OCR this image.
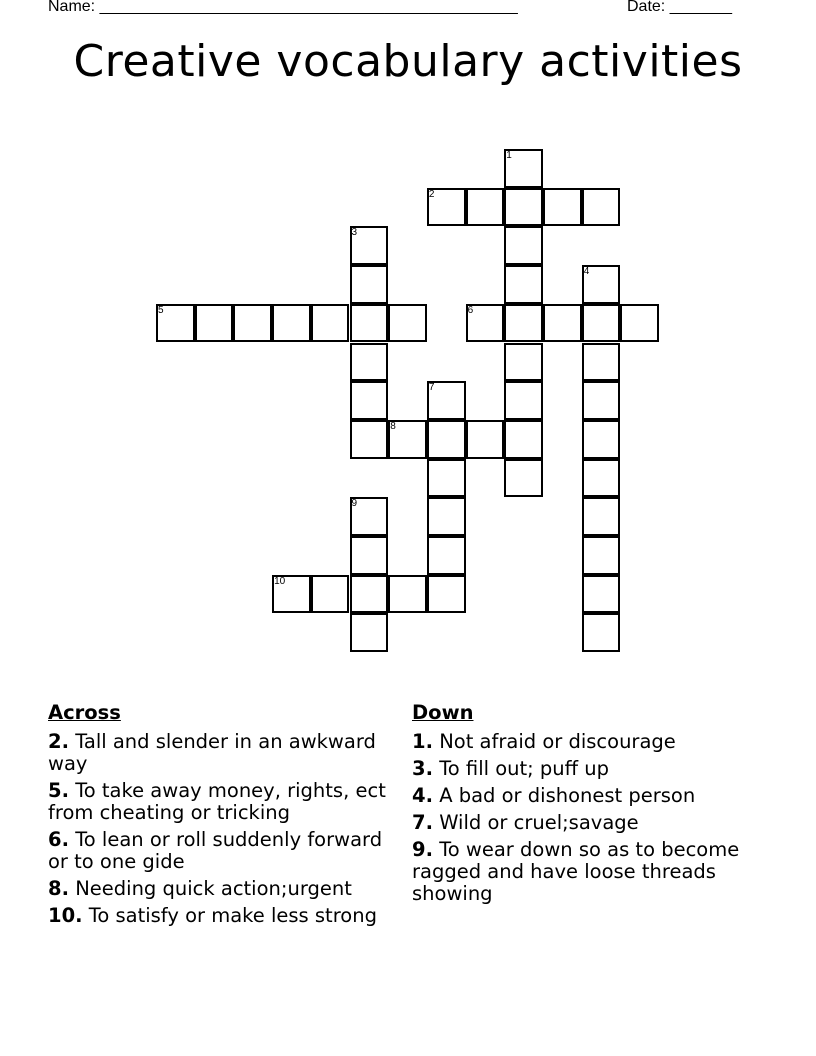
Name: _______________________________________________	Date: _______
Creative vocabulary activities
1
2
3
4
5	6
7
8
9
10
Across
2. Tall and slender in an awkward way
5. To take away money, rights, ect from cheating or tricking
6. To lean or roll suddenly forward or to one gide
8. Needing quick action;urgent
10. To satisfy or make less strong
Down
1. Not afraid or discourage
3. To fill out; puff up
4. A bad or dishonest person
7. Wild or cruel;savage
9. To wear down so as to become ragged and have loose threads showing
